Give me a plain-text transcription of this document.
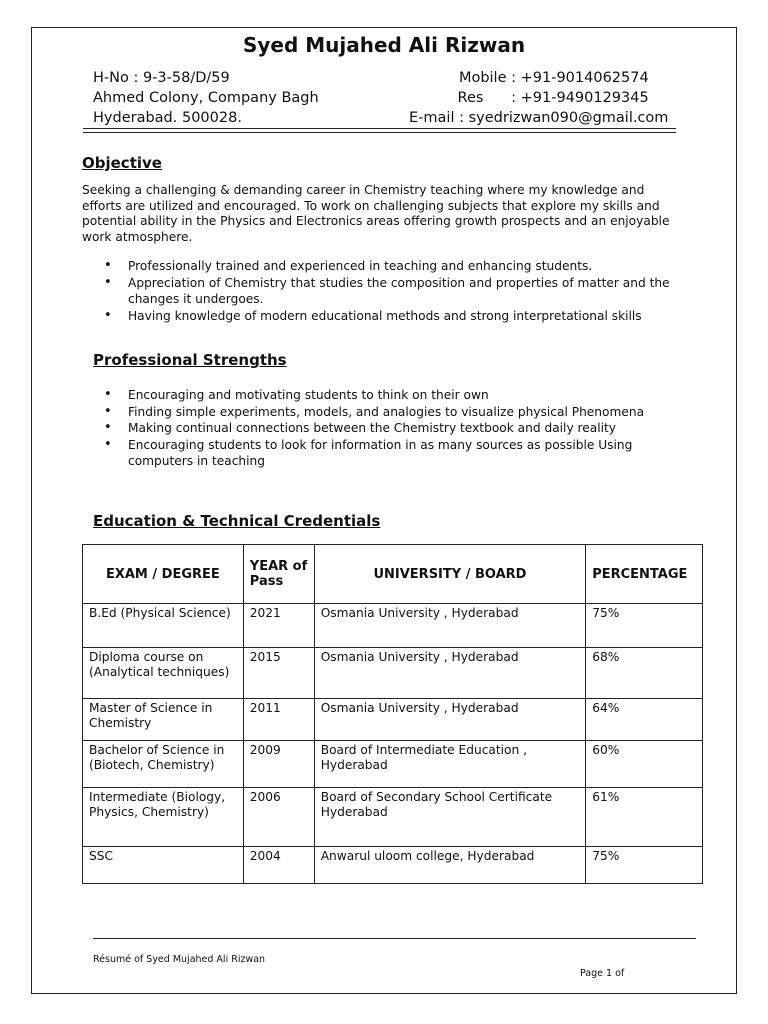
Syed Mujahed Ali Rizwan
H-No : 9-3-58/D/59
Ahmed Colony, Company Bagh
Hyderabad. 500028.
Mobile :
+91-9014062574
Res      :
+91-9490129345
E-mail :
syedrizwan090@gmail.com
Objective
Seeking a challenging & demanding career in Chemistry teaching where my knowledge and efforts are utilized and encouraged. To work on challenging subjects that explore my skills and potential ability in the Physics and Electronics areas offering growth prospects and an enjoyable work atmosphere.
• Professionally trained and experienced in teaching and enhancing students.
• Appreciation of Chemistry that studies the composition and properties of matter and the changes it undergoes.
• Having knowledge of modern educational methods and strong interpretational skills
Professional Strengths
• Encouraging and motivating students to think on their own
• Finding simple experiments, models, and analogies to visualize physical Phenomena
• Making continual connections between the Chemistry textbook and daily reality
• Encouraging students to look for information in as many sources as possible Using computers in teaching
Education & Technical Credentials
EXAM / DEGREE	YEAR of Pass	UNIVERSITY / BOARD	PERCENTAGE
B.Ed (Physical Science)	2021	Osmania University , Hyderabad	75%
Diploma course on (Analytical techniques)	2015	Osmania University , Hyderabad	68%
Master of Science in Chemistry	2011	Osmania University , Hyderabad	64%
Bachelor of Science in (Biotech, Chemistry)	2009	Board of Intermediate Education , Hyderabad	60%
Intermediate (Biology, Physics, Chemistry)	2006	Board of Secondary School Certificate Hyderabad	61%
SSC	2004	Anwarul uloom college, Hyderabad	75%
Résumé of Syed Mujahed Ali Rizwan
Page 1 of
